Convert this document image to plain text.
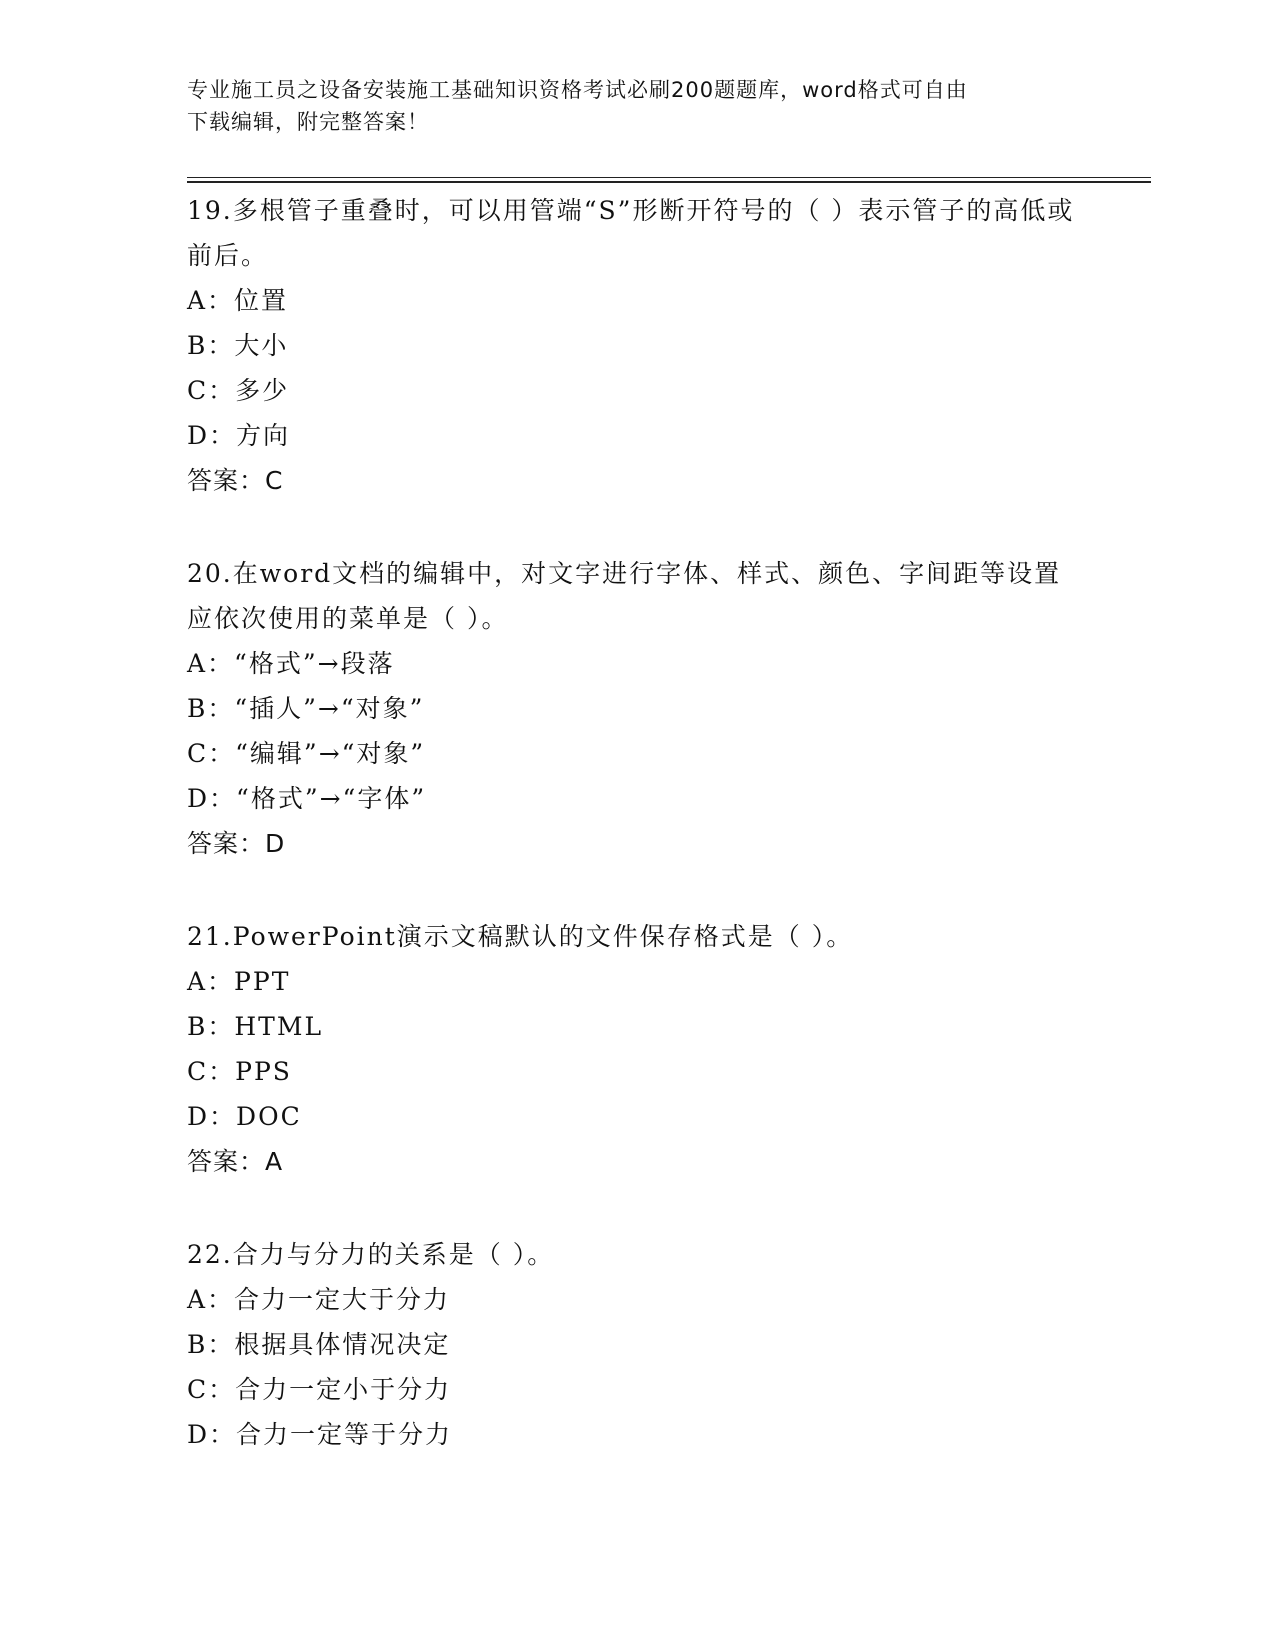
专业施工员之设备安装施工基础知识资格考试必刷200题题库，word格式可自由
下载编辑，附完整答案！

19.多根管子重叠时，可以用管端“S”形断开符号的（ ）表示管子的高低或前后。

A：位置

B：大小

C：多少

D：方向

答案：C

20.在word文档的编辑中，对文字进行字体、样式、颜色、字间距等设置应依次使用的菜单是（ ）。

A：“格式”→段落

B：“插人”→“对象”

C：“编辑”→“对象”

D：“格式”→“字体”

答案：D

21.PowerPoint演示文稿默认的文件保存格式是（ ）。

A：PPT

B：HTML

C：PPS

D：DOC

答案：A

22.合力与分力的关系是（ ）。

A：合力一定大于分力

B：根据具体情况决定

C：合力一定小于分力

D：合力一定等于分力
